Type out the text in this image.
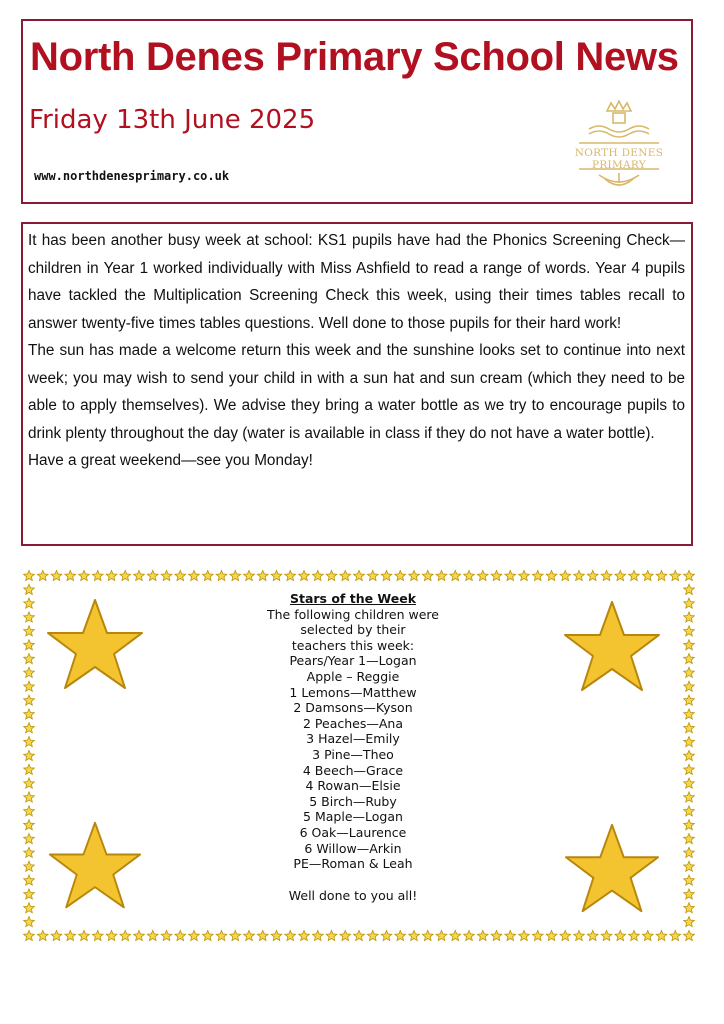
North Denes Primary School News
Friday 13th June 2025
www.northdenesprimary.co.uk
NORTH DENES
PRIMARY

It has been another busy week at school: KS1 pupils have had the Phonics Screening Check—children in Year 1 worked individually with Miss Ashfield to read a range of words. Year 4 pupils have tackled the Multiplication Screening Check this week, using their times tables recall to answer twenty-five times tables questions. Well done to those pupils for their hard work!

The sun has made a welcome return this week and the sunshine looks set to continue into next week; you may wish to send your child in with a sun hat and sun cream (which they need to be able to apply themselves). We advise they bring a water bottle as we try to encourage pupils to drink plenty throughout the day (water is available in class if they do not have a water bottle).

Have a great weekend—see you Monday!

Stars of the Week
The following children were
selected by their
teachers this week:
Pears/Year 1—Logan
Apple – Reggie
1 Lemons—Matthew
2 Damsons—Kyson
2 Peaches—Ana
3 Hazel—Emily
3 Pine—Theo
4 Beech—Grace
4 Rowan—Elsie
5 Birch—Ruby
5 Maple—Logan
6 Oak—Laurence
6 Willow—Arkin
PE—Roman & Leah
Well done to you all!
